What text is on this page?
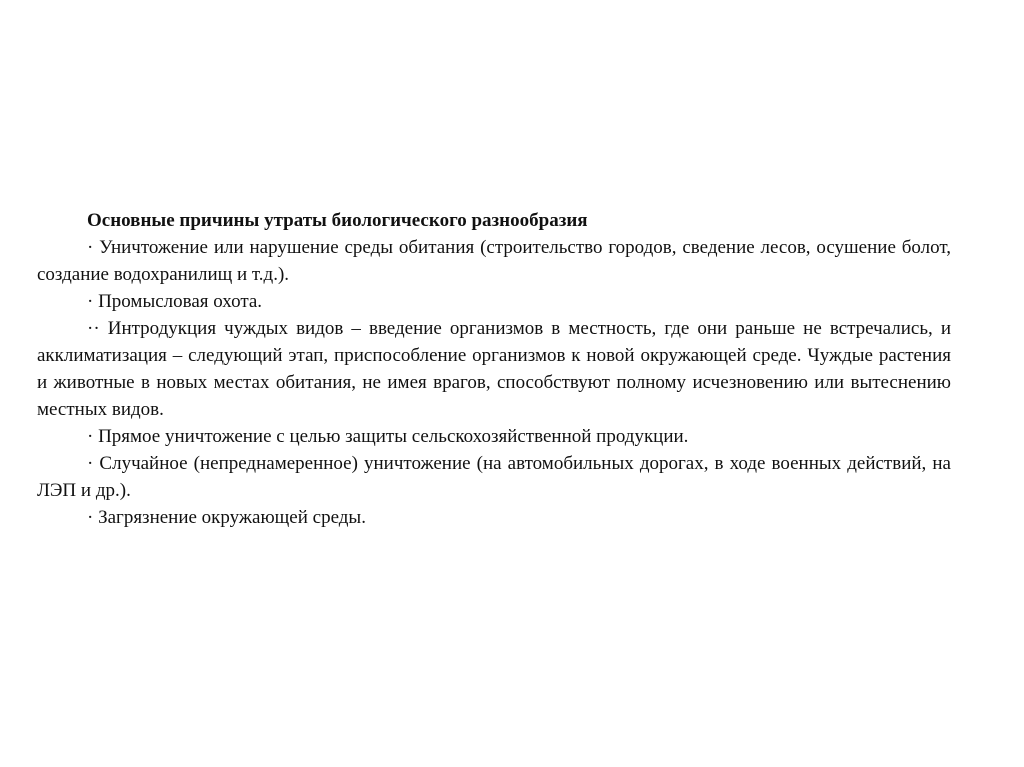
Основные причины утраты биологического разнообразия

· Уничтожение или нарушение среды обитания (строительство городов, сведение лесов, осушение болот, создание водохранилищ и т.д.).

· Промысловая охота.

·· Интродукция чуждых видов – введение организмов в местность, где они раньше не встречались, и акклиматизация – следующий этап, приспособление организмов к новой окружающей среде. Чуждые растения и животные в новых местах обитания, не имея врагов, способствуют полному исчезновению или вытеснению местных видов.

· Прямое уничтожение с целью защиты сельскохозяйственной продукции.

· Случайное (непреднамеренное) уничтожение (на автомобильных дорогах, в ходе военных действий, на ЛЭП и др.).

· Загрязнение окружающей среды.
